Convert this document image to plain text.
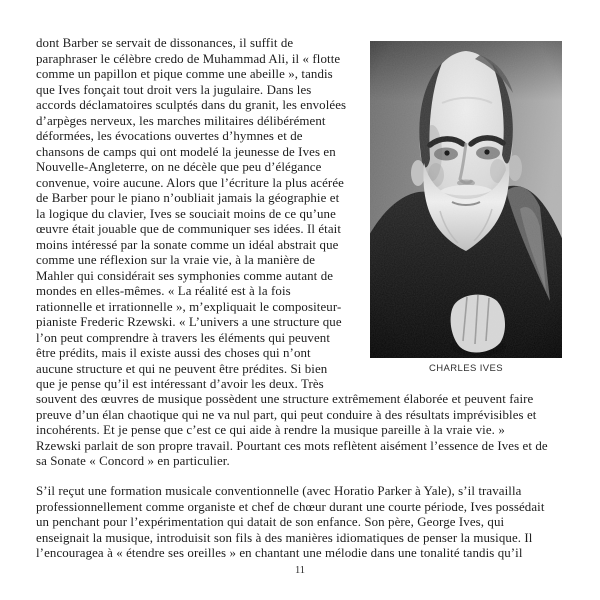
dont Barber se servait de dissonances, il suffit de
paraphraser le célèbre credo de Muhammad Ali, il « flotte
comme un papillon et pique comme une abeille », tandis
que Ives fonçait tout droit vers la jugulaire. Dans les
accords déclamatoires sculptés dans du granit, les envolées
d’arpèges nerveux, les marches militaires délibérément
déformées, les évocations ouvertes d’hymnes et de
chansons de camps qui ont modelé la jeunesse de Ives en
Nouvelle-Angleterre, on ne décèle que peu d’élégance
convenue, voire aucune. Alors que l’écriture la plus acérée
de Barber pour le piano n’oubliait jamais la géographie et
la logique du clavier, Ives se souciait moins de ce qu’une
œuvre était jouable que de communiquer ses idées. Il était
moins intéressé par la sonate comme un idéal abstrait que
comme une réflexion sur la vraie vie, à la manière de
Mahler qui considérait ses symphonies comme autant de
mondes en elles-mêmes. « La réalité est à la fois
rationnelle et irrationnelle », m’expliquait le compositeur-
pianiste Frederic Rzewski. « L’univers a une structure que
l’on peut comprendre à travers les éléments qui peuvent
être prédits, mais il existe aussi des choses qui n’ont
aucune structure et qui ne peuvent être prédites. Si bien
que je pense qu’il est intéressant d’avoir les deux. Très
CHARLES IVES
souvent des œuvres de musique possèdent une structure extrêmement élaborée et peuvent faire
preuve d’un élan chaotique qui ne va nul part, qui peut conduire à des résultats imprévisibles et
incohérents. Et je pense que c’est ce qui aide à rendre la musique pareille à la vraie vie. »
Rzewski parlait de son propre travail. Pourtant ces mots reflètent aisément l’essence de Ives et de
sa Sonate « Concord » en particulier.
S’il reçut une formation musicale conventionnelle (avec Horatio Parker à Yale), s’il travailla
professionnellement comme organiste et chef de chœur durant une courte période, Ives possédait
un penchant pour l’expérimentation qui datait de son enfance. Son père, George Ives, qui
enseignait la musique, introduisit son fils à des manières idiomatiques de penser la musique. Il
l’encouragea à « étendre ses oreilles » en chantant une mélodie dans une tonalité tandis qu’il
11
